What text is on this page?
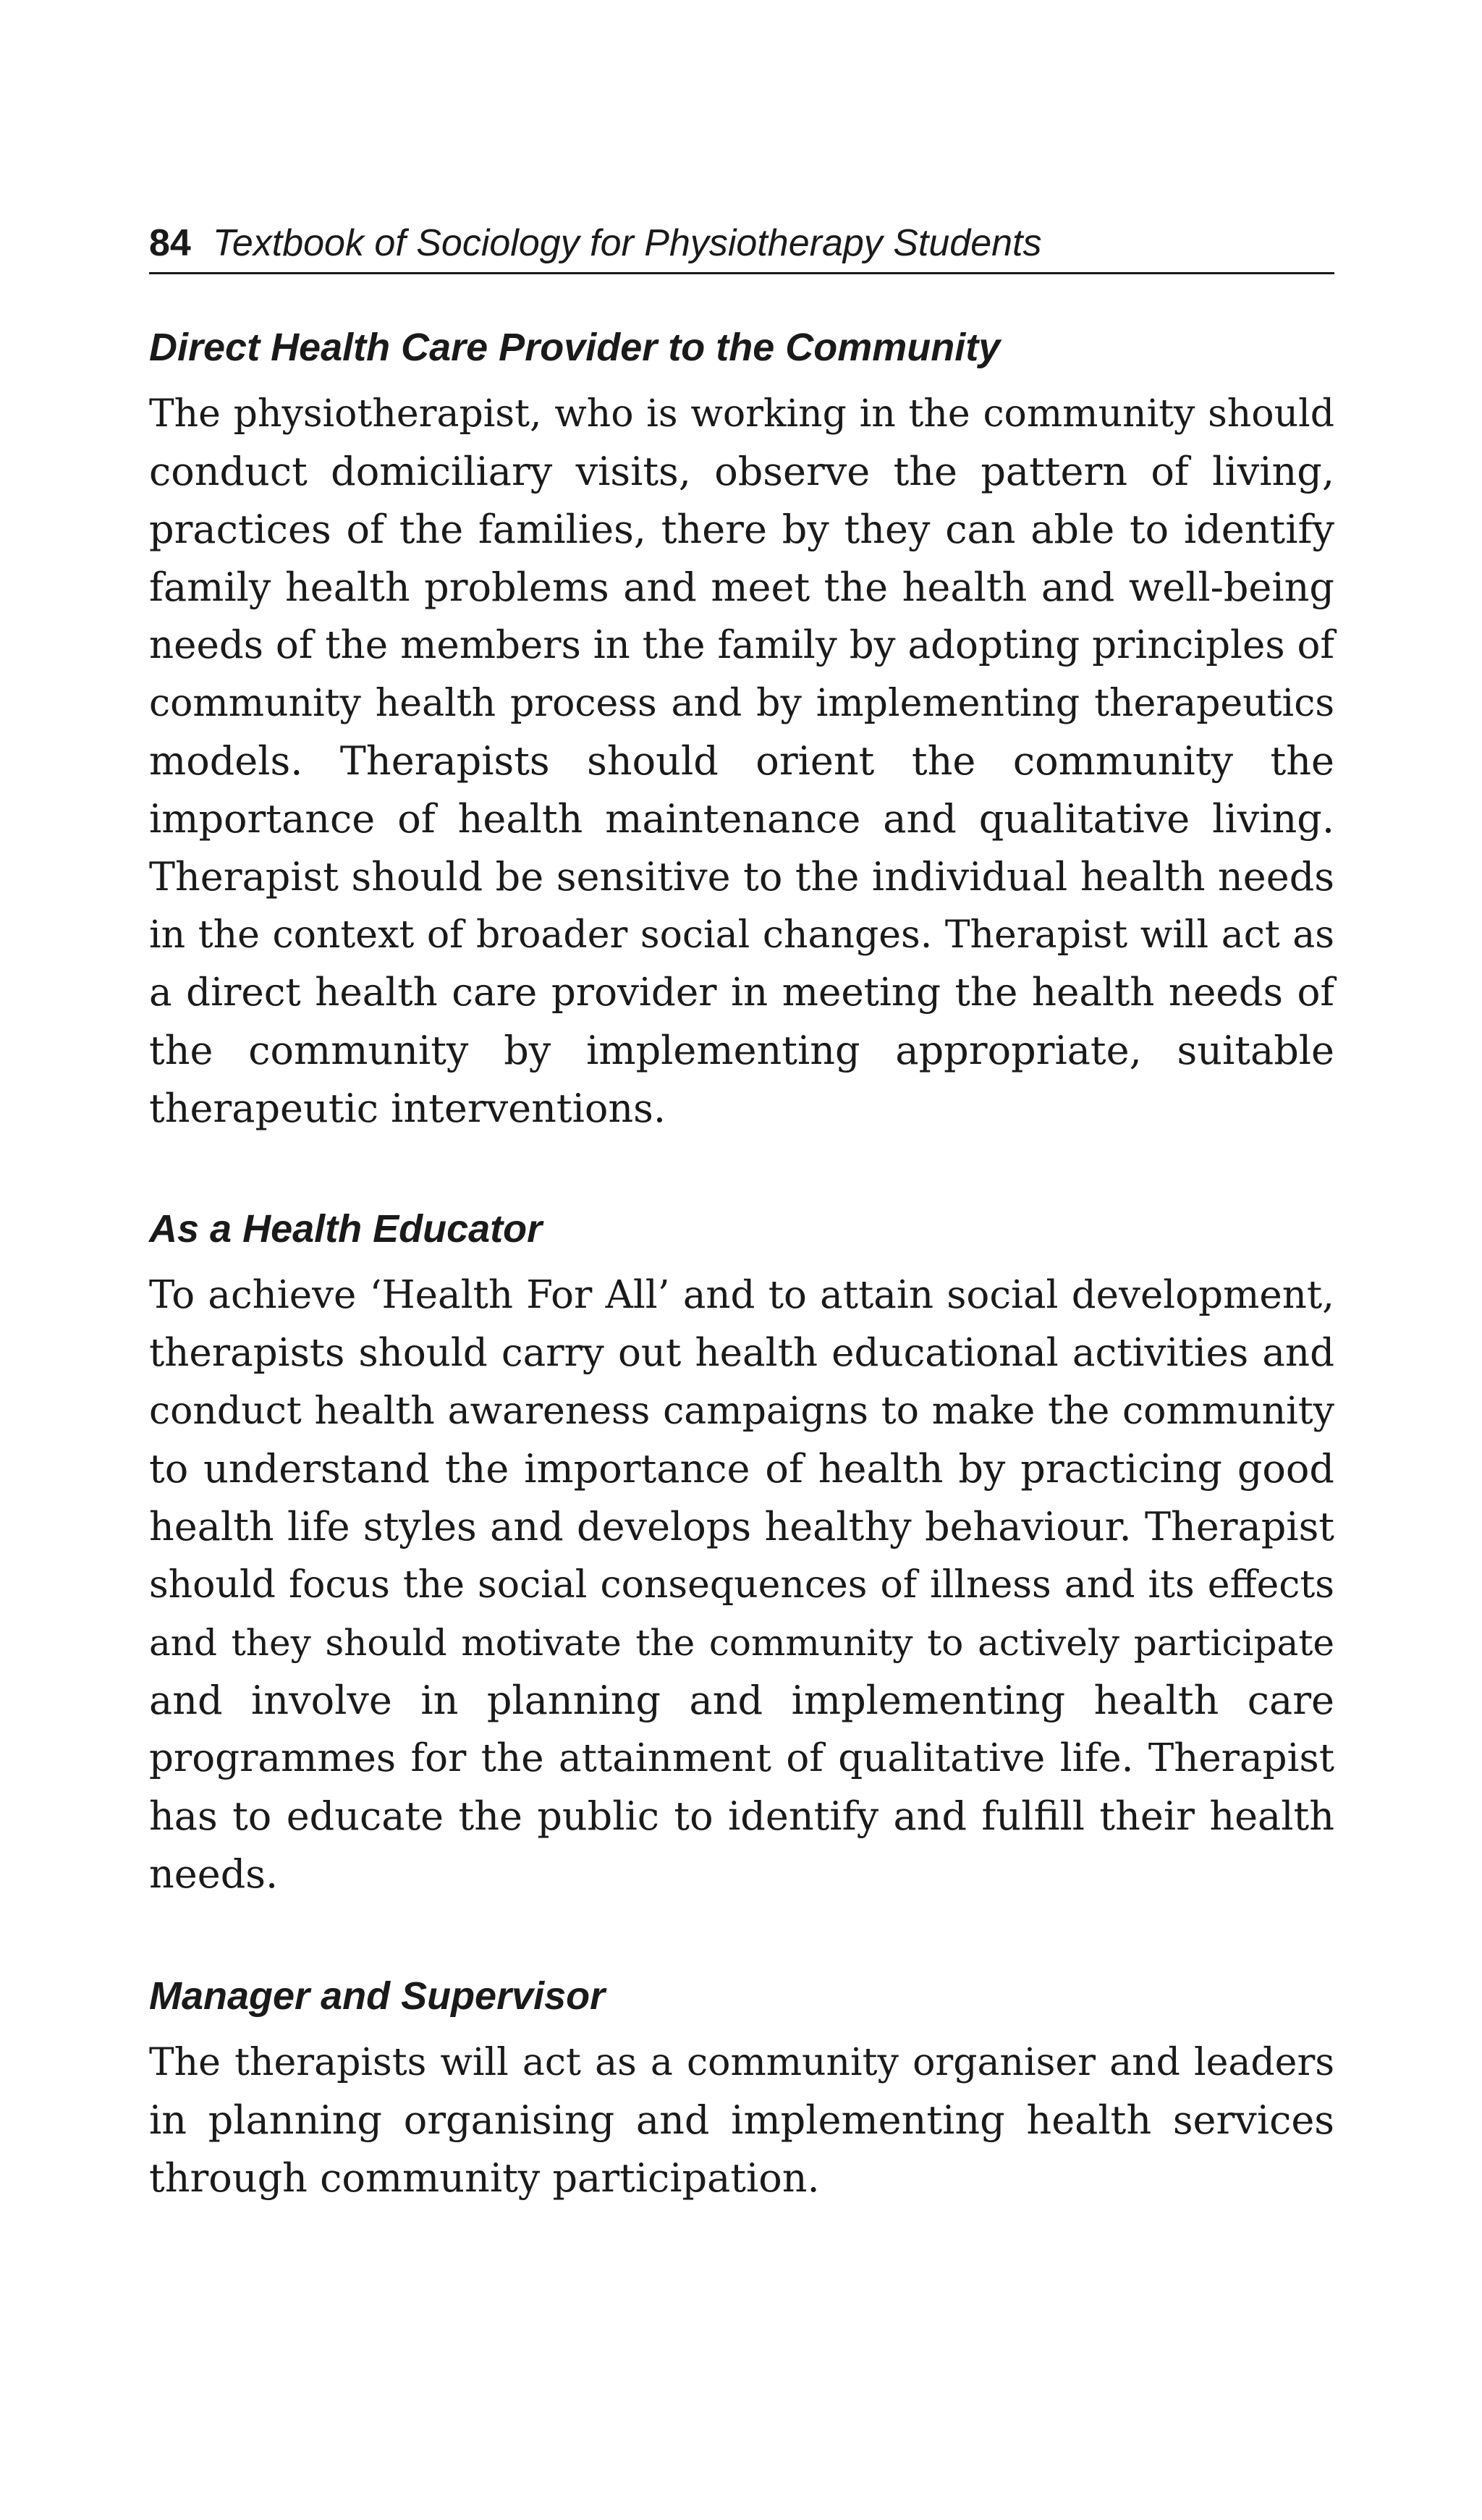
84 Textbook of Sociology for Physiotherapy Students
Direct Health Care Provider to the Community

The physiotherapist, who is working in the community should
conduct domiciliary visits, observe the pattern of living,
practices of the families, there by they can able to identify
family health problems and meet the health and well-being
needs of the members in the family by adopting principles of
community health process and by implementing therapeutics
models. Therapists should orient the community the
importance of health maintenance and qualitative living.
Therapist should be sensitive to the individual health needs
in the context of broader social changes. Therapist will act as
a direct health care provider in meeting the health needs of
the community by implementing appropriate, suitable
therapeutic interventions.

As a Health Educator

To achieve ‘Health For All’ and to attain social development,
therapists should carry out health educational activities and
conduct health awareness campaigns to make the community
to understand the importance of health by practicing good
health life styles and develops healthy behaviour. Therapist
should focus the social consequences of illness and its effects
and they should motivate the community to actively participate
and involve in planning and implementing health care
programmes for the attainment of qualitative life. Therapist
has to educate the public to identify and fulfill their health
needs.

Manager and Supervisor

The therapists will act as a community organiser and leaders
in planning organising and implementing health services
through community participation.
